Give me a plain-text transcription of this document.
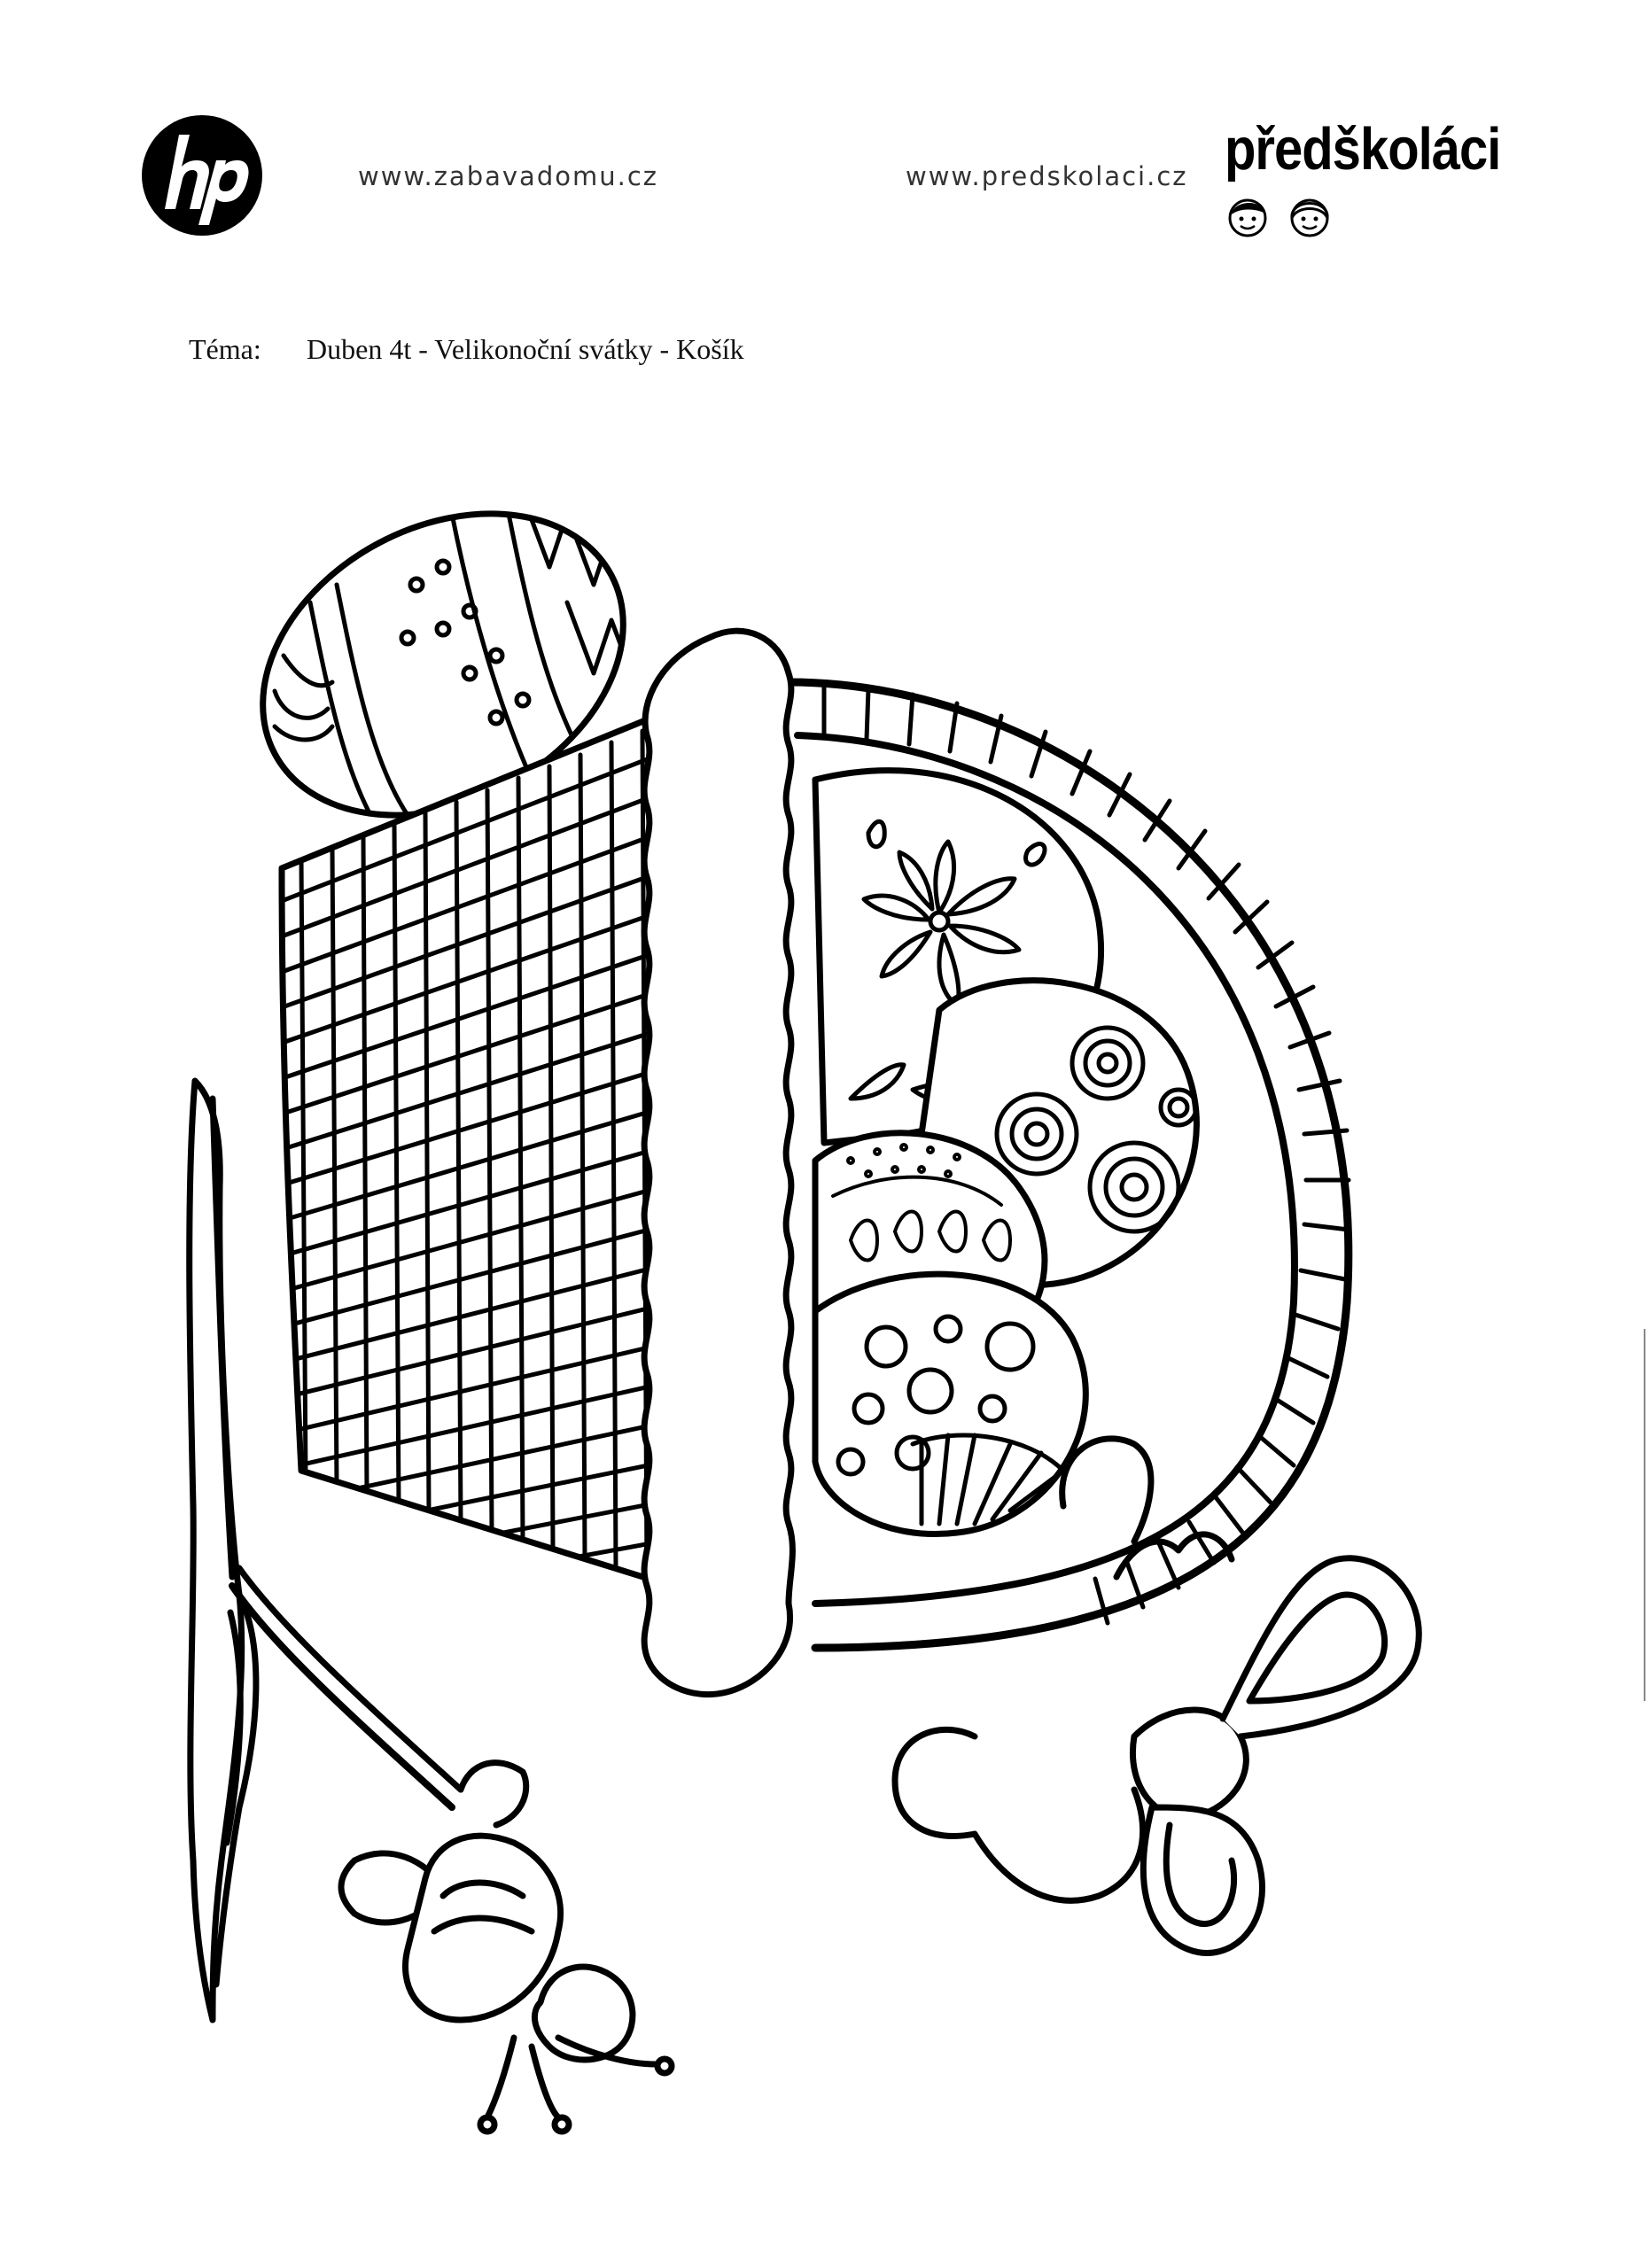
www.zabavadomu.cz	www.predskolaci.cz předškoláci
Téma: Duben 4t - Velikonoční svátky - Košík
